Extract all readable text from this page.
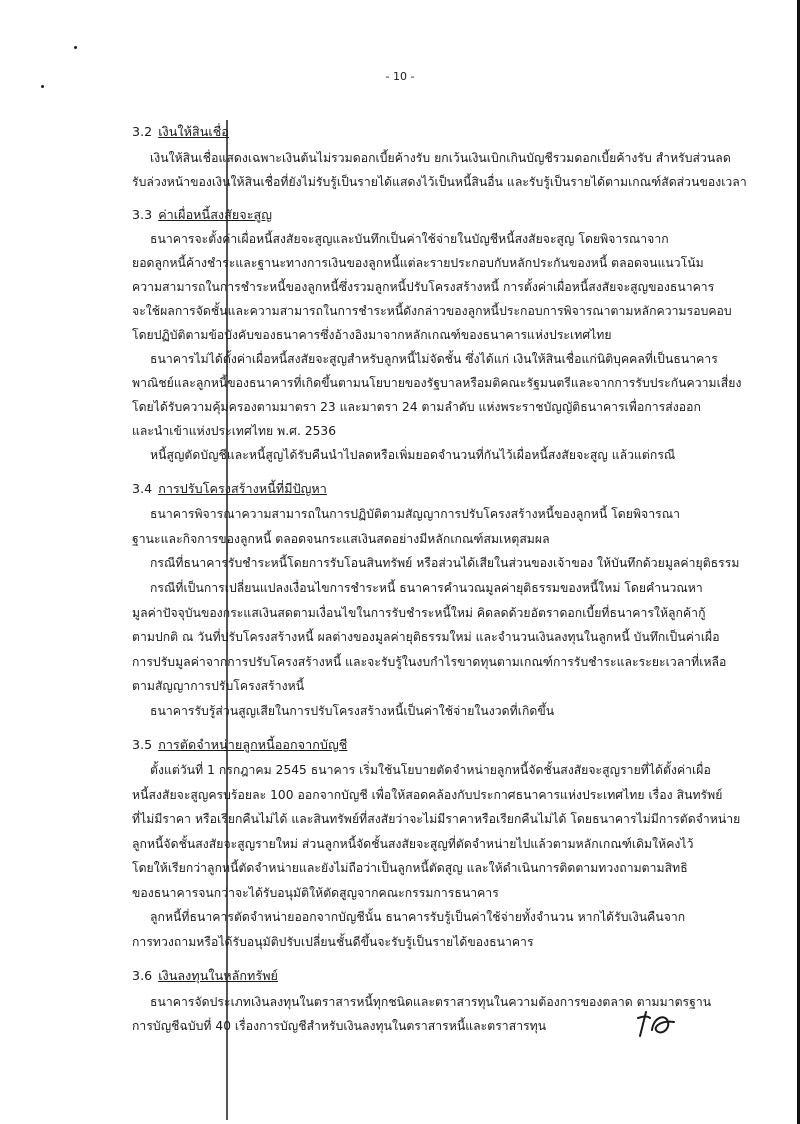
- 10 -
3.2 เงินให้สินเชื่อ
เงินให้สินเชื่อแสดงเฉพาะเงินต้นไม่รวมดอกเบี้ยค้างรับ ยกเว้นเงินเบิกเกินบัญชีรวมดอกเบี้ยค้างรับ สำหรับส่วนลด
รับล่วงหน้าของเงินให้สินเชื่อที่ยังไม่รับรู้เป็นรายได้แสดงไว้เป็นหนี้สินอื่น และรับรู้เป็นรายได้ตามเกณฑ์สัดส่วนของเวลา
3.3 ค่าเผื่อหนี้สงสัยจะสูญ
ธนาคารจะตั้งค่าเผื่อหนี้สงสัยจะสูญและบันทึกเป็นค่าใช้จ่ายในบัญชีหนี้สงสัยจะสูญ โดยพิจารณาจาก
ยอดลูกหนี้ค้างชำระและฐานะทางการเงินของลูกหนี้แต่ละรายประกอบกับหลักประกันของหนี้ ตลอดจนแนวโน้ม
ความสามารถในการชำระหนี้ของลูกหนี้ซึ่งรวมลูกหนี้ปรับโครงสร้างหนี้ การตั้งค่าเผื่อหนี้สงสัยจะสูญของธนาคาร
จะใช้ผลการจัดชั้นและความสามารถในการชำระหนี้ดังกล่าวของลูกหนี้ประกอบการพิจารณาตามหลักความรอบคอบ
โดยปฏิบัติตามข้อบังคับของธนาคารซึ่งอ้างอิงมาจากหลักเกณฑ์ของธนาคารแห่งประเทศไทย
ธนาคารไม่ได้ตั้งค่าเผื่อหนี้สงสัยจะสูญสำหรับลูกหนี้ไม่จัดชั้น ซึ่งได้แก่ เงินให้สินเชื่อแก่นิติบุคคลที่เป็นธนาคาร
พาณิชย์และลูกหนี้ของธนาคารที่เกิดขึ้นตามนโยบายของรัฐบาลหรือมติคณะรัฐมนตรีและจากการรับประกันความเสี่ยง
โดยได้รับความคุ้มครองตามมาตรา 23 และมาตรา 24 ตามลำดับ แห่งพระราชบัญญัติธนาคารเพื่อการส่งออก
และนำเข้าแห่งประเทศไทย พ.ศ. 2536
หนี้สูญตัดบัญชีและหนี้สูญได้รับคืนนำไปลดหรือเพิ่มยอดจำนวนที่กันไว้เผื่อหนี้สงสัยจะสูญ แล้วแต่กรณี
3.4 การปรับโครงสร้างหนี้ที่มีปัญหา
ธนาคารพิจารณาความสามารถในการปฏิบัติตามสัญญาการปรับโครงสร้างหนี้ของลูกหนี้ โดยพิจารณา
ฐานะและกิจการของลูกหนี้ ตลอดจนกระแสเงินสดอย่างมีหลักเกณฑ์สมเหตุสมผล
กรณีที่ธนาคารรับชำระหนี้โดยการรับโอนสินทรัพย์ หรือส่วนได้เสียในส่วนของเจ้าของ ให้บันทึกด้วยมูลค่ายุติธรรม
กรณีที่เป็นการเปลี่ยนแปลงเงื่อนไขการชำระหนี้ ธนาคารคำนวณมูลค่ายุติธรรมของหนี้ใหม่ โดยคำนวณหา
มูลค่าปัจจุบันของกระแสเงินสดตามเงื่อนไขในการรับชำระหนี้ใหม่ คิดลดด้วยอัตราดอกเบี้ยที่ธนาคารให้ลูกค้ากู้
ตามปกติ ณ วันที่ปรับโครงสร้างหนี้ ผลต่างของมูลค่ายุติธรรมใหม่ และจำนวนเงินลงทุนในลูกหนี้ บันทึกเป็นค่าเผื่อ
การปรับมูลค่าจากการปรับโครงสร้างหนี้ และจะรับรู้ในงบกำไรขาดทุนตามเกณฑ์การรับชำระและระยะเวลาที่เหลือ
ตามสัญญาการปรับโครงสร้างหนี้
ธนาคารรับรู้ส่วนสูญเสียในการปรับโครงสร้างหนี้เป็นค่าใช้จ่ายในงวดที่เกิดขึ้น
3.5 การตัดจำหน่ายลูกหนี้ออกจากบัญชี
ตั้งแต่วันที่ 1 กรกฎาคม 2545 ธนาคาร เริ่มใช้นโยบายตัดจำหน่ายลูกหนี้จัดชั้นสงสัยจะสูญรายที่ได้ตั้งค่าเผื่อ
หนี้สงสัยจะสูญครบร้อยละ 100 ออกจากบัญชี เพื่อให้สอดคล้องกับประกาศธนาคารแห่งประเทศไทย เรื่อง สินทรัพย์
ที่ไม่มีราคา หรือเรียกคืนไม่ได้ และสินทรัพย์ที่สงสัยว่าจะไม่มีราคาหรือเรียกคืนไม่ได้ โดยธนาคารไม่มีการตัดจำหน่าย
ลูกหนี้จัดชั้นสงสัยจะสูญรายใหม่ ส่วนลูกหนี้จัดชั้นสงสัยจะสูญที่ตัดจำหน่ายไปแล้วตามหลักเกณฑ์เดิมให้คงไว้
โดยให้เรียกว่าลูกหนี้ตัดจำหน่ายและยังไม่ถือว่าเป็นลูกหนี้ตัดสูญ และให้ดำเนินการติดตามทวงถามตามสิทธิ
ของธนาคารจนกว่าจะได้รับอนุมัติให้ตัดสูญจากคณะกรรมการธนาคาร
ลูกหนี้ที่ธนาคารตัดจำหน่ายออกจากบัญชีนั้น ธนาคารรับรู้เป็นค่าใช้จ่ายทั้งจำนวน หากได้รับเงินคืนจาก
การทวงถามหรือได้รับอนุมัติปรับเปลี่ยนชั้นดีขึ้นจะรับรู้เป็นรายได้ของธนาคาร
3.6 เงินลงทุนในหลักทรัพย์
ธนาคารจัดประเภทเงินลงทุนในตราสารหนี้ทุกชนิดและตราสารทุนในความต้องการของตลาด ตามมาตรฐาน
การบัญชีฉบับที่ 40 เรื่องการบัญชีสำหรับเงินลงทุนในตราสารหนี้และตราสารทุน
